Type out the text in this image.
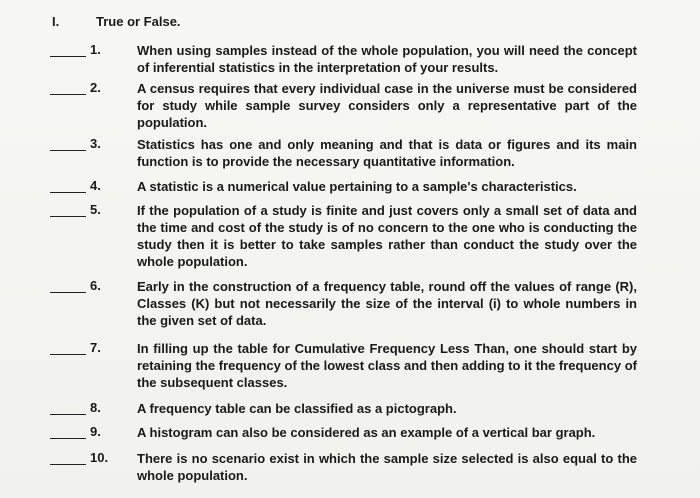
I.	True or False.
1.	When using samples instead of the whole population, you will need the concept of inferential statistics in the interpretation of your results.

2.	A census requires that every individual case in the universe must be considered for study while sample survey considers only a representative part of the population.

3.	Statistics has one and only meaning and that is data or figures and its main function is to provide the necessary quantitative information.

4.	A statistic is a numerical value pertaining to a sample's characteristics.

5.	If the population of a study is finite and just covers only a small set of data and the time and cost of the study is of no concern to the one who is conducting the study then it is better to take samples rather than conduct the study over the whole population.

6.	Early in the construction of a frequency table, round off the values of range (R), Classes (K) but not necessarily the size of the interval (i) to whole numbers in the given set of data.

7.	In filling up the table for Cumulative Frequency Less Than, one should start by retaining the frequency of the lowest class and then adding to it the frequency of the subsequent classes.

8.	A frequency table can be classified as a pictograph.

9.	A histogram can also be considered as an example of a vertical bar graph.

10.	There is no scenario exist in which the sample size selected is also equal to the whole population.
